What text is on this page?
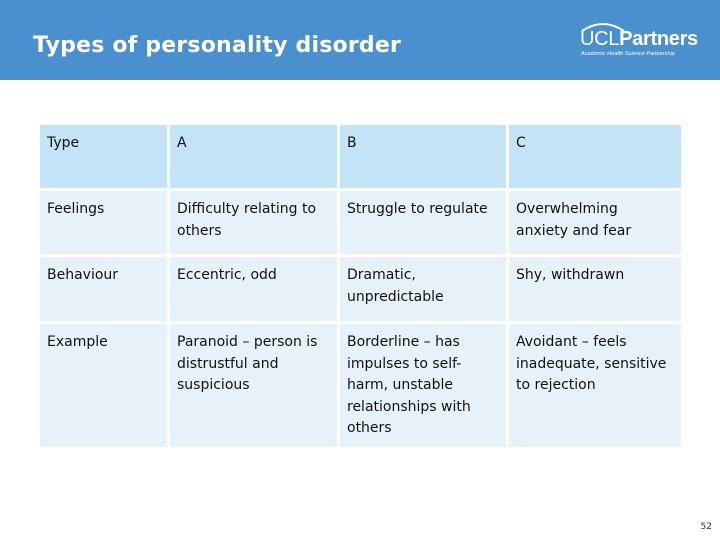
Types of personality disorder	UCLPartners
Academic Health Science Partnership
Type	A	B	C
Feelings	Difficulty relating to others	Struggle to regulate	Overwhelming anxiety and fear
Behaviour	Eccentric, odd	Dramatic, unpredictable	Shy, withdrawn
Example	Paranoid – person is distrustful and suspicious	Borderline – has impulses to self-harm, unstable relationships with others	Avoidant – feels inadequate, sensitive to rejection
52
